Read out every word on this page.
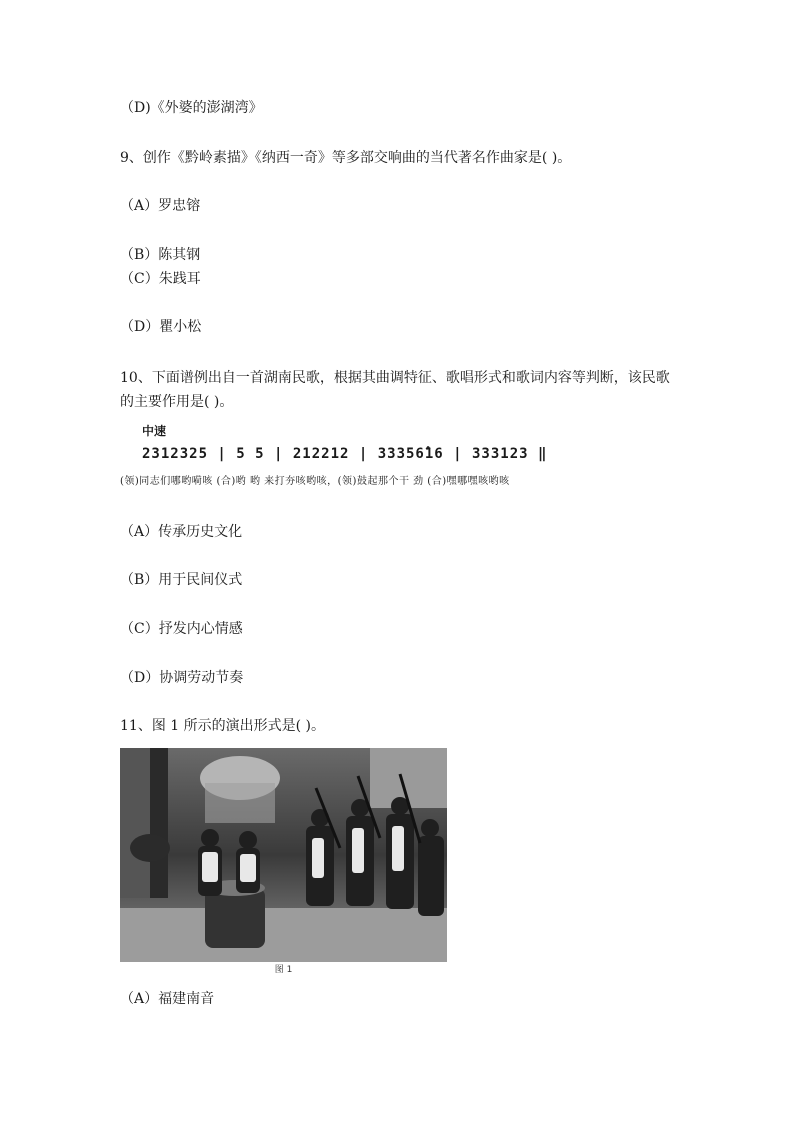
（D)《外婆的澎湖湾》
9、创作《黔岭素描》《纳西一奇》等多部交响曲的当代著名作曲家是( )。
（A）罗忠镕
（B）陈其钢
（C）朱践耳
（D）瞿小松
10、下面谱例出自一首湖南民歌，根据其曲调特征、歌唱形式和歌词内容等判断，该民歌的主要作用是( )。
中速
2312325 | 5 5 | 212212 | 33356̂16 | 333123 ‖
(领)同志们哪哟嗬咳 (合)哟 哟 来打夯咳哟咳，(领)鼓起那个干 劲 (合)嘿哪嘿咳哟咳
（A）传承历史文化
（B）用于民间仪式
（C）抒发内心情感
（D）协调劳动节奏
11、图 1 所示的演出形式是( )。
图 1
（A）福建南音
